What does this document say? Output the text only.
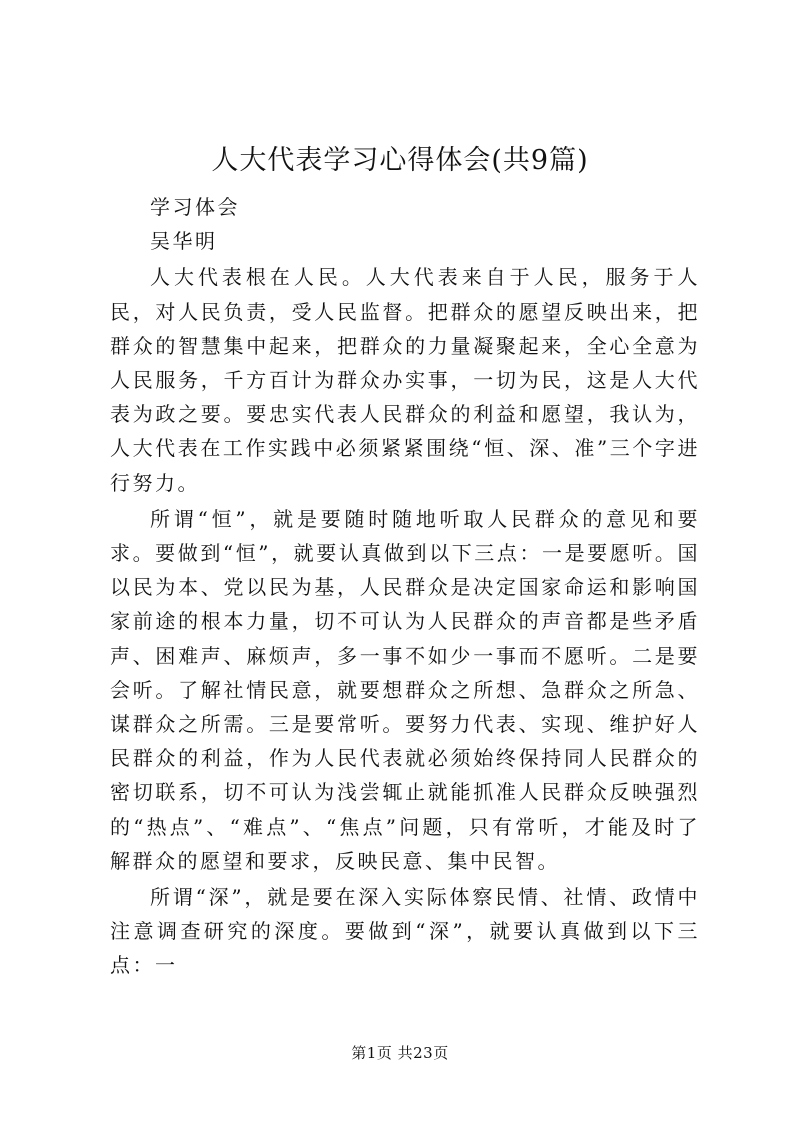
人大代表学习心得体会(共9篇)

学习体会

吴华明

人大代表根在人民。人大代表来自于人民，服务于人民，对人民负责，受人民监督。把群众的愿望反映出来，把群众的智慧集中起来，把群众的力量凝聚起来，全心全意为人民服务，千方百计为群众办实事，一切为民，这是人大代表为政之要。要忠实代表人民群众的利益和愿望，我认为，人大代表在工作实践中必须紧紧围绕“恒、深、准”三个字进行努力。

所谓“恒”，就是要随时随地听取人民群众的意见和要求。要做到“恒”，就要认真做到以下三点：一是要愿听。国以民为本、党以民为基，人民群众是决定国家命运和影响国家前途的根本力量，切不可认为人民群众的声音都是些矛盾声、困难声、麻烦声，多一事不如少一事而不愿听。二是要会听。了解社情民意，就要想群众之所想、急群众之所急、谋群众之所需。三是要常听。要努力代表、实现、维护好人民群众的利益，作为人民代表就必须始终保持同人民群众的密切联系，切不可认为浅尝辄止就能抓准人民群众反映强烈的“热点”、“难点”、“焦点”问题，只有常听，才能及时了解群众的愿望和要求，反映民意、集中民智。

所谓“深”，就是要在深入实际体察民情、社情、政情中注意调查研究的深度。要做到“深”，就要认真做到以下三点：一

第1页 共23页
